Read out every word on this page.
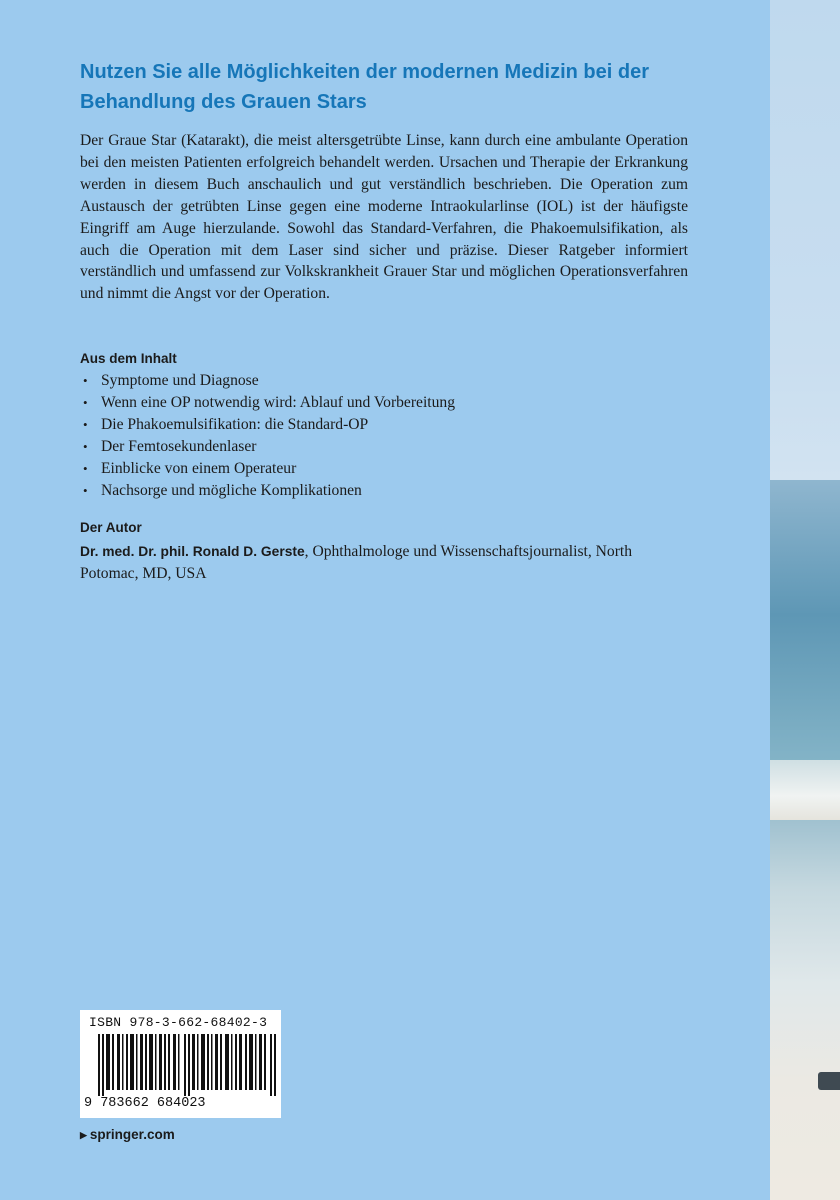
Nutzen Sie alle Möglichkeiten der modernen Medizin bei der Behandlung des Grauen Stars

Der Graue Star (Katarakt), die meist altersgetrübte Linse, kann durch eine ambulante Operation bei den meisten Patienten erfolgreich behandelt werden. Ursachen und Therapie der Erkrankung werden in diesem Buch anschaulich und gut verständlich beschrieben. Die Operation zum Austausch der getrübten Linse gegen eine moderne Intraokularlinse (IOL) ist der häufigste Eingriff am Auge hierzulande. Sowohl das Standard-Verfahren, die Phakoemulsifikation, als auch die Operation mit dem Laser sind sicher und präzise. Dieser Ratgeber informiert verständlich und umfassend zur Volkskrankheit Grauer Star und möglichen Operationsverfahren und nimmt die Angst vor der Operation.

Aus dem Inhalt

• Symptome und Diagnose
• Wenn eine OP notwendig wird: Ablauf und Vorbereitung
• Die Phakoemulsifikation: die Standard-OP
• Der Femtosekundenlaser
• Einblicke von einem Operateur
• Nachsorge und mögliche Komplikationen

Der Autor

Dr. med. Dr. phil. Ronald D. Gerste, Ophthalmologe und Wissenschaftsjournalist, North Potomac, MD, USA

ISBN 978-3-662-68402-3
9 783662 684023

▶ springer.com
